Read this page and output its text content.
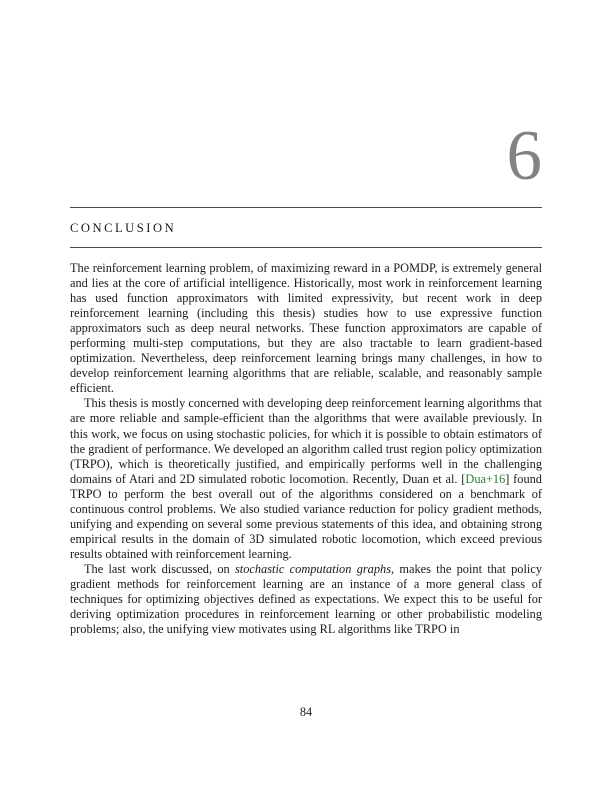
6
CONCLUSION

The reinforcement learning problem, of maximizing reward in a POMDP, is extremely general and lies at the core of artificial intelligence. Historically, most work in reinforcement learning has used function approximators with limited expressivity, but recent work in deep reinforcement learning (including this thesis) studies how to use expressive function approximators such as deep neural networks. These function approximators are capable of performing multi-step computations, but they are also tractable to learn gradient-based optimization. Nevertheless, deep reinforcement learning brings many challenges, in how to develop reinforcement learning algorithms that are reliable, scalable, and reasonably sample efficient.

This thesis is mostly concerned with developing deep reinforcement learning algorithms that are more reliable and sample-efficient than the algorithms that were available previously. In this work, we focus on using stochastic policies, for which it is possible to obtain estimators of the gradient of performance. We developed an algorithm called trust region policy optimization (TRPO), which is theoretically justified, and empirically performs well in the challenging domains of Atari and 2D simulated robotic locomotion. Recently, Duan et al. [Dua+16] found TRPO to perform the best overall out of the algorithms considered on a benchmark of continuous control problems. We also studied variance reduction for policy gradient methods, unifying and expending on several some previous statements of this idea, and obtaining strong empirical results in the domain of 3D simulated robotic locomotion, which exceed previous results obtained with reinforcement learning.

The last work discussed, on stochastic computation graphs, makes the point that policy gradient methods for reinforcement learning are an instance of a more general class of techniques for optimizing objectives defined as expectations. We expect this to be useful for deriving optimization procedures in reinforcement learning or other probabilistic modeling problems; also, the unifying view motivates using RL algorithms like TRPO in

84
